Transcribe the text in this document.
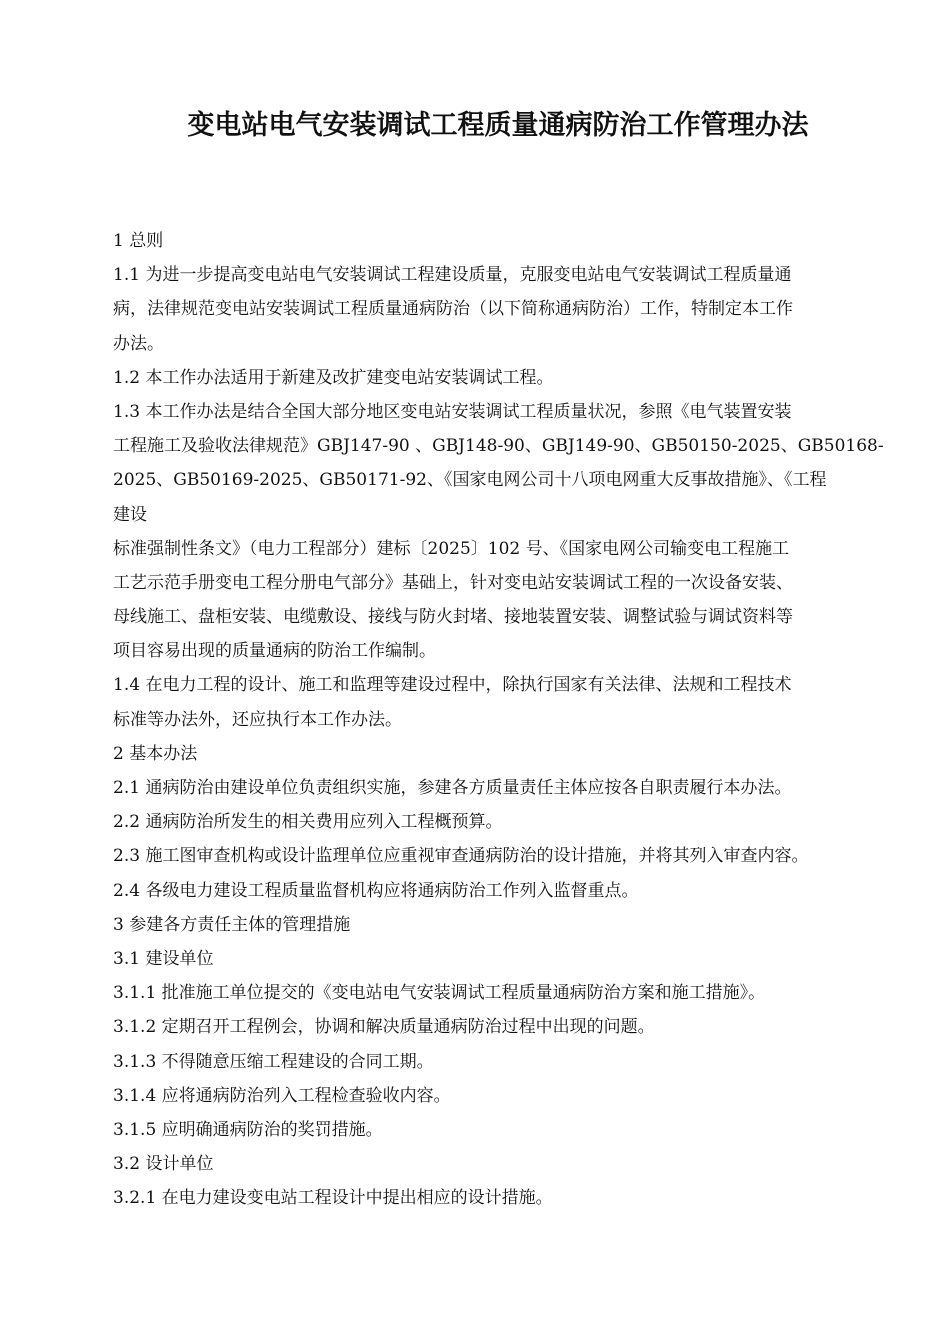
变电站电气安装调试工程质量通病防治工作管理办法
1 总则
1.1 为进一步提高变电站电气安装调试工程建设质量，克服变电站电气安装调试工程质量通
病，法律规范变电站安装调试工程质量通病防治（以下简称通病防治）工作，特制定本工作
办法。
1.2 本工作办法适用于新建及改扩建变电站安装调试工程。
1.3 本工作办法是结合全国大部分地区变电站安装调试工程质量状况，参照《电气装置安装
工程施工及验收法律规范》GBJ147-90 、GBJ148-90、GBJ149-90、GB50150-2025、GB50168-
2025、GB50169-2025、GB50171-92、《国家电网公司十八项电网重大反事故措施》、《工程
建设
标准强制性条文》（电力工程部分）建标〔2025〕102 号、《国家电网公司输变电工程施工
工艺示范手册变电工程分册电气部分》基础上，针对变电站安装调试工程的一次设备安装、
母线施工、盘柜安装、电缆敷设、接线与防火封堵、接地装置安装、调整试验与调试资料等
项目容易出现的质量通病的防治工作编制。
1.4 在电力工程的设计、施工和监理等建设过程中，除执行国家有关法律、法规和工程技术
标准等办法外，还应执行本工作办法。
2 基本办法
2.1 通病防治由建设单位负责组织实施，参建各方质量责任主体应按各自职责履行本办法。
2.2 通病防治所发生的相关费用应列入工程概预算。
2.3 施工图审查机构或设计监理单位应重视审查通病防治的设计措施，并将其列入审查内容。
2.4 各级电力建设工程质量监督机构应将通病防治工作列入监督重点。
3 参建各方责任主体的管理措施
3.1 建设单位
3.1.1 批准施工单位提交的《变电站电气安装调试工程质量通病防治方案和施工措施》。
3.1.2 定期召开工程例会，协调和解决质量通病防治过程中出现的问题。
3.1.3 不得随意压缩工程建设的合同工期。
3.1.4 应将通病防治列入工程检查验收内容。
3.1.5 应明确通病防治的奖罚措施。
3.2 设计单位
3.2.1 在电力建设变电站工程设计中提出相应的设计措施。
